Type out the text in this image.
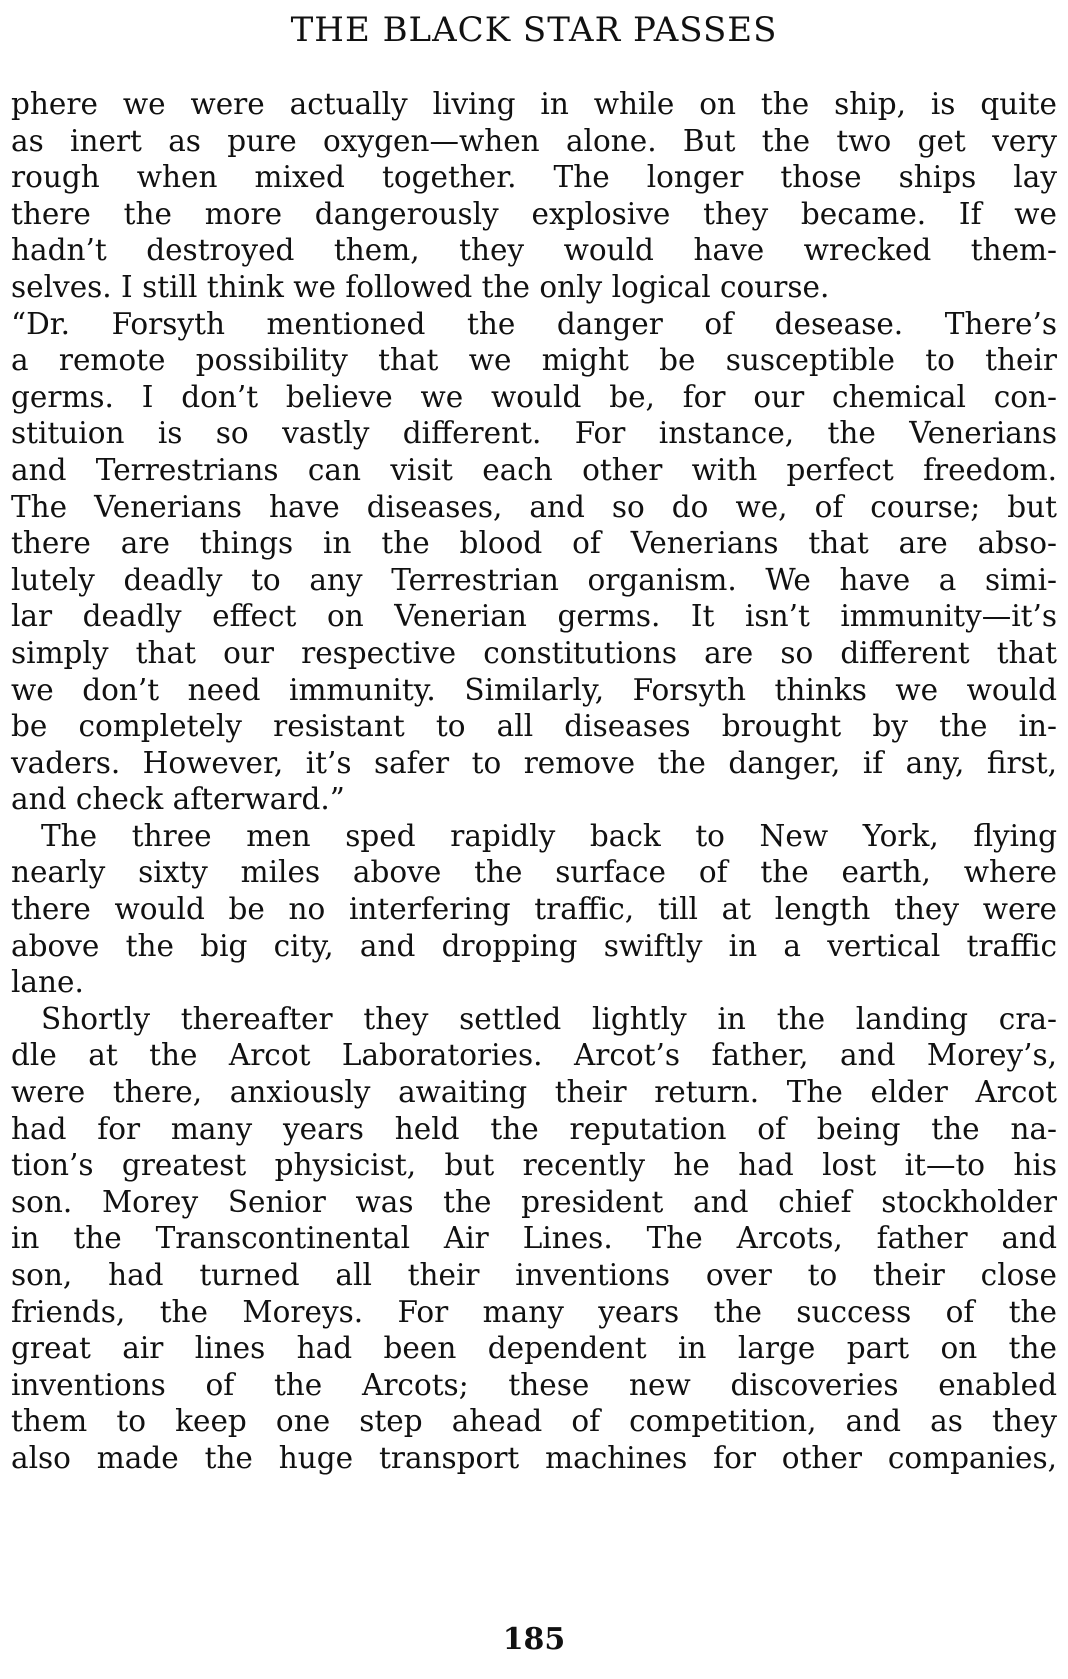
THE BLACK STAR PASSES
phere we were actually living in while on the ship, is quite
as inert as pure oxygen—when alone. But the two get very
rough when mixed together. The longer those ships lay
there the more dangerously explosive they became. If we
hadn’t destroyed them, they would have wrecked them-
selves. I still think we followed the only logical course.
“Dr. Forsyth mentioned the danger of desease. There’s
a remote possibility that we might be susceptible to their
germs. I don’t believe we would be, for our chemical con-
stituion is so vastly different. For instance, the Venerians
and Terrestrians can visit each other with perfect freedom.
The Venerians have diseases, and so do we, of course; but
there are things in the blood of Venerians that are abso-
lutely deadly to any Terrestrian organism. We have a simi-
lar deadly effect on Venerian germs. It isn’t immunity—it’s
simply that our respective constitutions are so different that
we don’t need immunity. Similarly, Forsyth thinks we would
be completely resistant to all diseases brought by the in-
vaders. However, it’s safer to remove the danger, if any, first,
and check afterward.”
The three men sped rapidly back to New York, flying
nearly sixty miles above the surface of the earth, where
there would be no interfering traffic, till at length they were
above the big city, and dropping swiftly in a vertical traffic
lane.
Shortly thereafter they settled lightly in the landing cra-
dle at the Arcot Laboratories. Arcot’s father, and Morey’s,
were there, anxiously awaiting their return. The elder Arcot
had for many years held the reputation of being the na-
tion’s greatest physicist, but recently he had lost it—to his
son. Morey Senior was the president and chief stockholder
in the Transcontinental Air Lines. The Arcots, father and
son, had turned all their inventions over to their close
friends, the Moreys. For many years the success of the
great air lines had been dependent in large part on the
inventions of the Arcots; these new discoveries enabled
them to keep one step ahead of competition, and as they
also made the huge transport machines for other companies,
185
